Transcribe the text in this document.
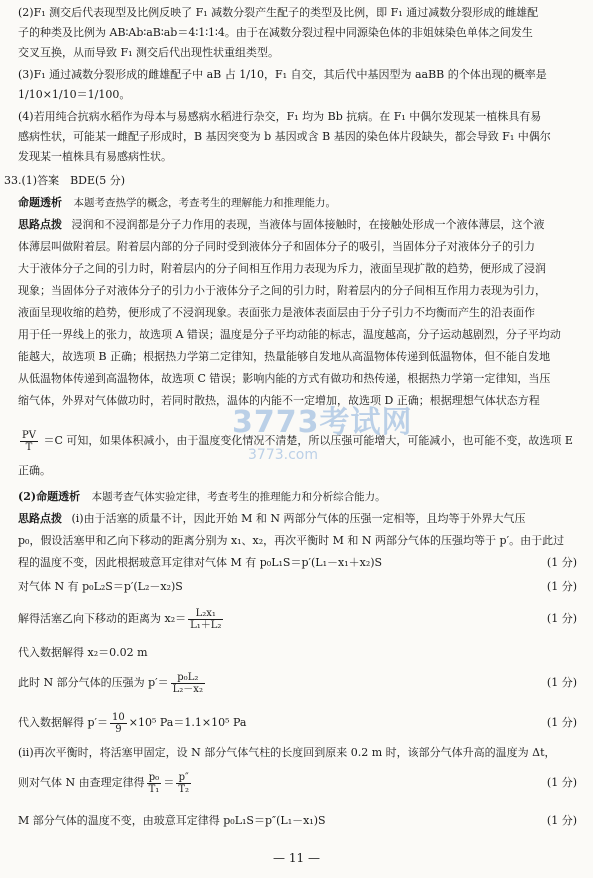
(2)F₁ 测交后代表现型及比例反映了 F₁ 减数分裂产生配子的类型及比例，即 F₁ 通过减数分裂形成的雌雄配
子的种类及比例为 AB∶Ab∶aB∶ab＝4∶1∶1∶4。由于在减数分裂过程中同源染色体的非姐妹染色单体之间发生
交叉互换，从而导致 F₁ 测交后代出现性状重组类型。
(3)F₁ 通过减数分裂形成的雌雄配子中 aB 占 1/10，F₁ 自交，其后代中基因型为 aaBB 的个体出现的概率是
1/10×1/10＝1/100。
(4)若用纯合抗病水稻作为母本与易感病水稻进行杂交，F₁ 均为 Bb 抗病。在 F₁ 中偶尔发现某一植株具有易
感病性状，可能某一雌配子形成时，B 基因突变为 b 基因或含 B 基因的染色体片段缺失，都会导致 F₁ 中偶尔
发现某一植株具有易感病性状。
33.(1)答案　BDE(5 分)
命题透析 本题考查热学的概念，考查考生的理解能力和推理能力。
思路点拨 浸润和不浸润都是分子力作用的表现，当液体与固体接触时，在接触处形成一个液体薄层，这个液
体薄层叫做附着层。附着层内部的分子同时受到液体分子和固体分子的吸引，当固体分子对液体分子的引力
大于液体分子之间的引力时，附着层内的分子间相互作用力表现为斥力，液面呈现扩散的趋势，便形成了浸润
现象；当固体分子对液体分子的引力小于液体分子之间的引力时，附着层内的分子间相互作用力表现为引力，
液面呈现收缩的趋势，便形成了不浸润现象。表面张力是液体表面层由于分子引力不均衡而产生的沿表面作
用于任一界线上的张力，故选项 A 错误；温度是分子平均动能的标志，温度越高，分子运动越剧烈，分子平均动
能越大，故选项 B 正确；根据热力学第二定律知，热量能够自发地从高温物体传递到低温物体，但不能自发地
从低温物体传递到高温物体，故选项 C 错误；影响内能的方式有做功和热传递，根据热力学第一定律知，当压
缩气体，外界对气体做功时，若同时散热，温体的内能不一定增加，故选项 D 正确；根据理想气体状态方程
$\frac{PV}{T} =C$ 可知，如果体积减小，由于温度变化情况不清楚，所以压强可能增大，可能减小，也可能不变，故选项 E
正确。
(2)命题透析 本题考查气体实验定律，考查考生的推理能力和分析综合能力。
思路点拨 (ⅰ)由于活塞的质量不计，因此开始 M 和 N 两部分气体的压强一定相等，且均等于外界大气压
p₀，假设活塞甲和乙向下移动的距离分别为 x₁、x₂，再次平衡时 M 和 N 两部分气体的压强均等于 p′。由于此过
程的温度不变，因此根据玻意耳定律对气体 M 有 p₀L₁S＝p′(L₁－x₁＋x₂)S	(1 分)
对气体 N 有 p₀L₂S＝p′(L₂－x₂)S	(1 分)
解得活塞乙向下移动的距离为 $x_2= \frac{\text{L₂x₁}}{\text{L₁＋L₂}}$	(1 分)
代入数据解得 x₂＝0.02 m
此时 N 部分气体的压强为 $p'= \frac{\text{p₀L₂}}{\text{L₂－x₂}}$	(1 分)
代入数据解得 $p'= \frac{10}{9} \times 10^5$ Pa＝1.1×10⁵ Pa	(1 分)
(ⅱ)再次平衡时，将活塞甲固定，设 N 部分气体气柱的长度回到原来 0.2 m 时，该部分气体升高的温度为 Δt，
则对气体 N 由查理定律得 $\frac{\text{p₀}}{\text{T₁}} = \frac{p''}{\text{T₂}}$	(1 分)
M 部分气体的温度不变，由玻意耳定律得 p₀L₁S＝p″(L₁－x₁)S	(1 分)
3773考试网
3773.com
— 11 —
